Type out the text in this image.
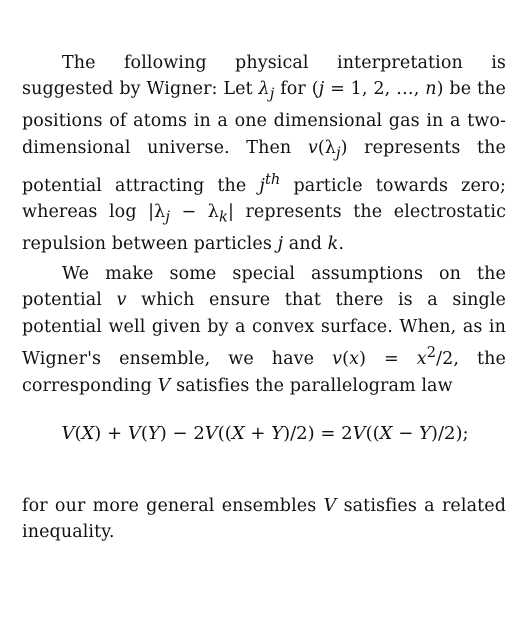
The following physical interpretation is suggested by Wigner: Let $\lambda_j$ for (j = 1, 2, …, n) be the positions of atoms in a one dimensional gas in a two-dimensional universe. Then $v(\lambda_j)$ represents the potential attracting the $j^{th}$ particle towards zero; whereas $\log |\lambda_j - \lambda_k|$ represents the electrostatic repulsion between particles j and k.

We make some special assumptions on the potential v which ensure that there is a single potential well given by a convex surface. When, as in Wigner's ensemble, we have $v(x) = x^2/2$, the corresponding V satisfies the parallelogram law

V(X) + V(Y) − 2V((X + Y)/2) = 2V((X − Y)/2);

for our more general ensembles V satisfies a related inequality.
